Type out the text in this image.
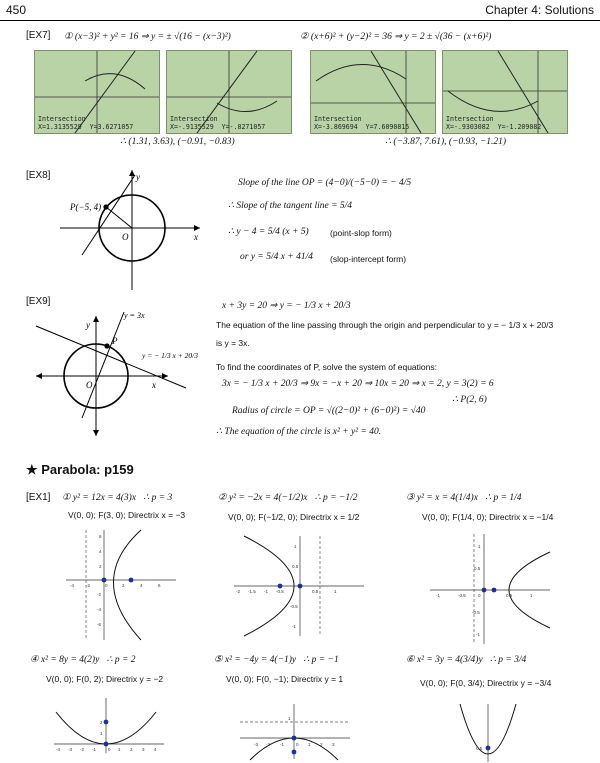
450	Chapter 4: Solutions
[EX7] ① (x−3)² + y² = 16 ⇒ y = ± √(16 − (x−3)²)	② (x+6)² + (y−2)² = 36 ⇒ y = 2 ± √(36 − (x+6)²)
Intersection
X=1.3135529  Y=3.6271057
Intersection
X=-.9135529  Y=-.8271057
Intersection
X=-3.869694  Y=7.6090815
Intersection
X=-.9303082  Y=-1.209082
∴ (1.31, 3.63), (−0.91, −0.83)	∴ (−3.87, 7.61), (−0.93, −1.21)
[EX8]
P(−5, 4)
O	x
y
Slope of the line OP = (4−0)/(−5−0) = − 4/5
∴ Slope of the tangent line = 5/4
∴ y − 4 = 5/4 (x + 5)	(point-slop form)
or y = 5/4 x + 41/4 (slop-intercept form)
[EX9]
P
O	x
y
y = 3x
y = − 1/3 x + 20/3
x + 3y = 20 ⇒ y = − 1/3 x + 20/3
The equation of the line passing through the origin and perpendicular to y = − 1/3 x + 20/3
is y = 3x.
To find the coordinates of P, solve the system of equations:
3x = − 1/3 x + 20/3 ⇒ 9x = −x + 20 ⇒ 10x = 20 ⇒ x = 2, y = 3(2) = 6
∴ P(2, 6)
Radius of circle = OP = √((2−0)² + (6−0)²) = √40
∴ The equation of the circle is x² + y² = 40.
★ Parabola: p159
[EX1] ① y² = 12x = 4(3)x ∴ p = 3
V(0, 0); F(3, 0); Directrix x = −3
② y² = −2x = 4(−1/2)x ∴ p = −1/2
V(0, 0); F(−1/2, 0); Directrix x = 1/2
③ y² = x = 4(1/4)x ∴ p = 1/4
V(0, 0); F(1/4, 0); Directrix x = −1/4
-4	-2	0	2	4	6
6
4
2
-2
-4
-6
-2 -1.5 -1 -0.5	0.5	1
1
0.5
-0.5
-1
-1	-0.5	0	0.5	1
1
0.5
-0.5
-1
④ x² = 8y = 4(2)y ∴ p = 2
V(0, 0); F(0, 2); Directrix y = −2
⑤ x² = −4y = 4(−1)y ∴ p = −1
V(0, 0); F(0, −1); Directrix y = 1
⑥ x² = 3y = 4(3/4)y ∴ p = 3/4
V(0, 0); F(0, 3/4); Directrix y = −3/4
-4 -3 -2 -1	0 1 2 3 4
2
1
-3 -2 -1	0 1 2 3
1
0.5
